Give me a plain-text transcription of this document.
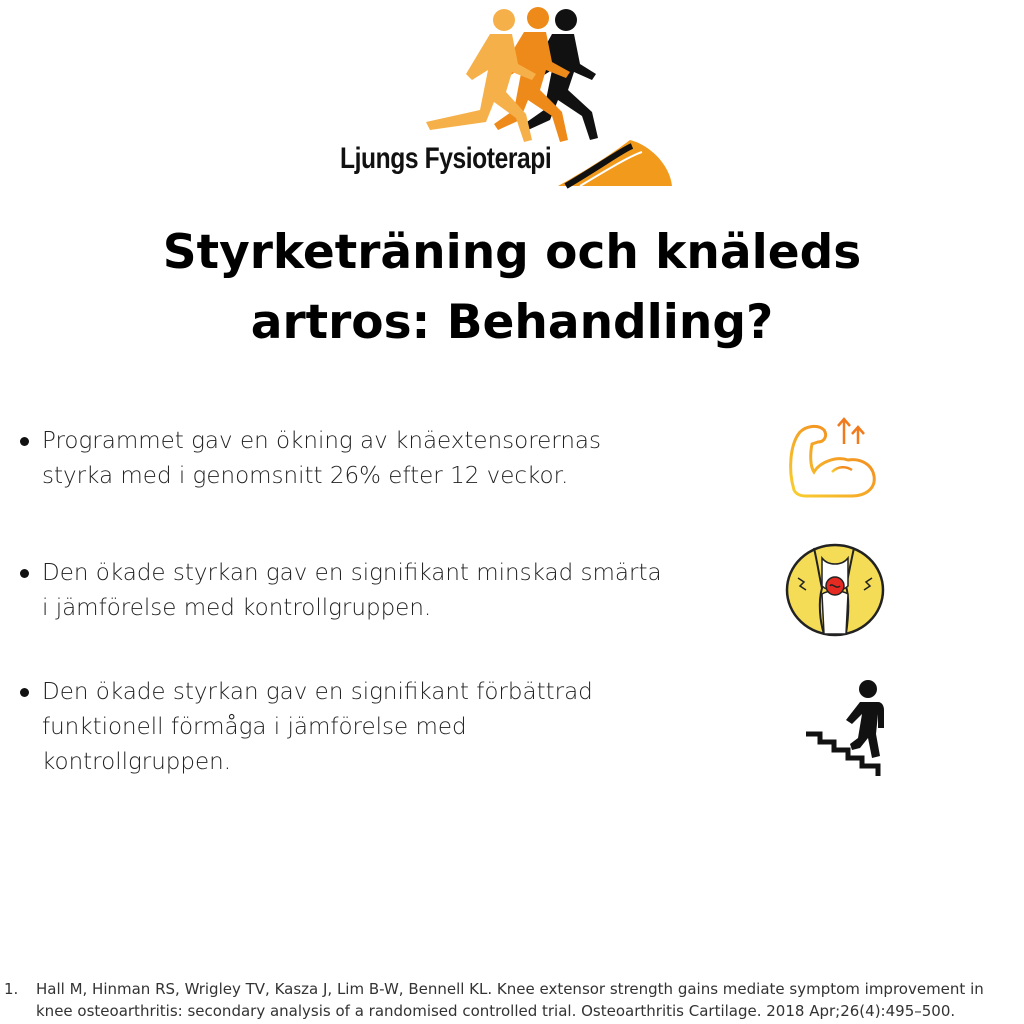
Ljungs Fysioterapi
Styrketräning och knäleds
artros: Behandling?
Programmet gav en ökning av knäextensorernas styrka med i genomsnitt 26% efter 12 veckor.
Den ökade styrkan gav en signifikant minskad smärta i jämförelse med kontrollgruppen.
Den ökade styrkan gav en signifikant förbättrad funktionell förmåga i jämförelse med kontrollgruppen.
1. Hall M, Hinman RS, Wrigley TV, Kasza J, Lim B-W, Bennell KL. Knee extensor strength gains mediate symptom improvement in knee osteoarthritis: secondary analysis of a randomised controlled trial. Osteoarthritis Cartilage. 2018 Apr;26(4):495–500.
